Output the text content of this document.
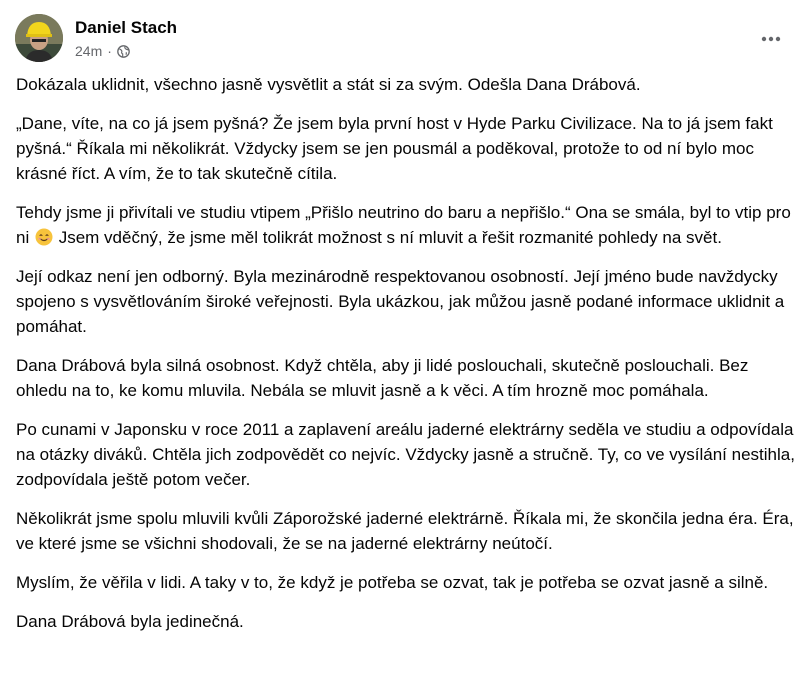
Daniel Stach
24m ·

Dokázala uklidnit, všechno jasně vysvětlit a stát si za svým. Odešla Dana Drábová.

„Dane, víte, na co já jsem pyšná? Že jsem byla první host v Hyde Parku Civilizace. Na to já jsem fakt pyšná.“ Říkala mi několikrát. Vždycky jsem se jen pousmál a poděkoval, protože to od ní bylo moc krásné říct. A vím, že to tak skutečně cítila.

Tehdy jsme ji přivítali ve studiu vtipem „Přišlo neutrino do baru a nepřišlo.“ Ona se smála, byl to vtip pro ni  Jsem vděčný, že jsme měl tolikrát možnost s ní mluvit a řešit rozmanité pohledy na svět.

Její odkaz není jen odborný. Byla mezinárodně respektovanou osobností. Její jméno bude navždycky spojeno s vysvětlováním široké veřejnosti. Byla ukázkou, jak můžou jasně podané informace uklidnit a pomáhat.

Dana Drábová byla silná osobnost. Když chtěla, aby ji lidé poslouchali, skutečně poslouchali. Bez ohledu na to, ke komu mluvila. Nebála se mluvit jasně a k věci. A tím hrozně moc pomáhala.

Po cunami v Japonsku v roce 2011 a zaplavení areálu jaderné elektrárny seděla ve studiu a odpovídala na otázky diváků. Chtěla jich zodpovědět co nejvíc. Vždycky jasně a stručně. Ty, co ve vysílání nestihla, zodpovídala ještě potom večer.

Několikrát jsme spolu mluvili kvůli Záporožské jaderné elektrárně. Říkala mi, že skončila jedna éra. Éra, ve které jsme se všichni shodovali, že se na jaderné elektrárny neútočí.

Myslím, že věřila v lidi. A taky v to, že když je potřeba se ozvat, tak je potřeba se ozvat jasně a silně.

Dana Drábová byla jedinečná.
